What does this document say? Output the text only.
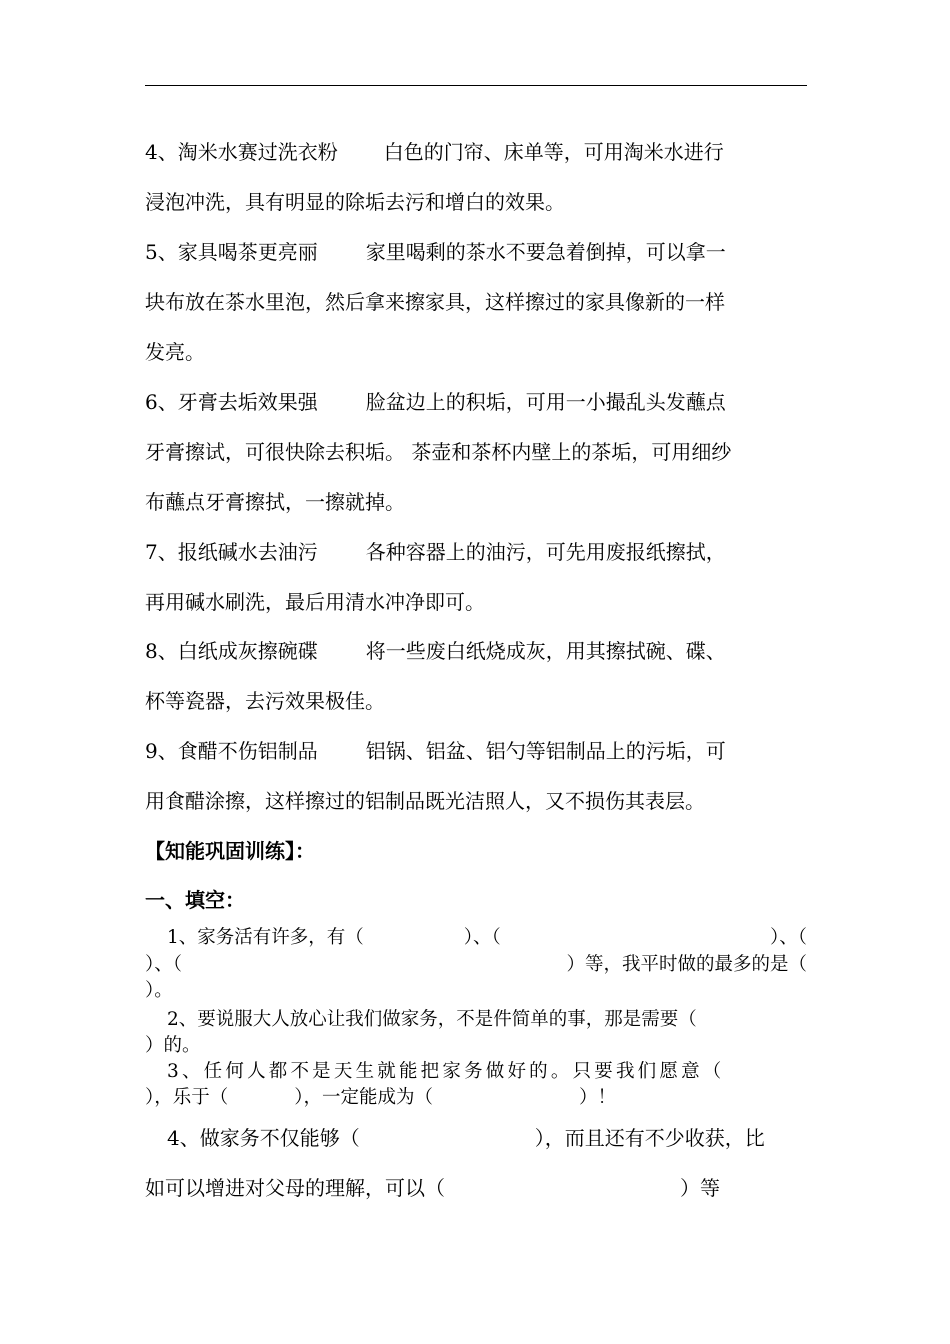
4、淘米水赛过洗衣粉 白色的门帘、床单等，可用淘米水进行
浸泡冲洗，具有明显的除垢去污和增白的效果。
5、家具喝茶更亮丽 家里喝剩的茶水不要急着倒掉，可以拿一
块布放在茶水里泡，然后拿来擦家具，这样擦过的家具像新的一样
发亮。
6、牙膏去垢效果强 脸盆边上的积垢，可用一小撮乱头发蘸点
牙膏擦试，可很快除去积垢。 茶壶和茶杯内壁上的茶垢，可用细纱
布蘸点牙膏擦拭，一擦就掉。
7、报纸碱水去油污 各种容器上的油污，可先用废报纸擦拭，
再用碱水刷洗，最后用清水冲净即可。
8、白纸成灰擦碗碟 将一些废白纸烧成灰，用其擦拭碗、碟、
杯等瓷器，去污效果极佳。
9、食醋不伤铝制品 铝锅、铝盆、铝勺等铝制品上的污垢，可
用食醋涂擦，这样擦过的铝制品既光洁照人，又不损伤其表层。
【知能巩固训练】：
一、填空：
1、家务活有许多，有（	）、（	）、（
）、（	）等，我平时做的最多的是（
）。
2、要说服大人放心让我们做家务，不是件简单的事，那是需要（
）的。
3、任何人都不是天生就能把家务做好的。只要我们愿意（
），乐于（	），一定能成为（	）！
4、做家务不仅能够（	），而且还有不少收获，比
如可以增进对父母的理解，可以（	）等
